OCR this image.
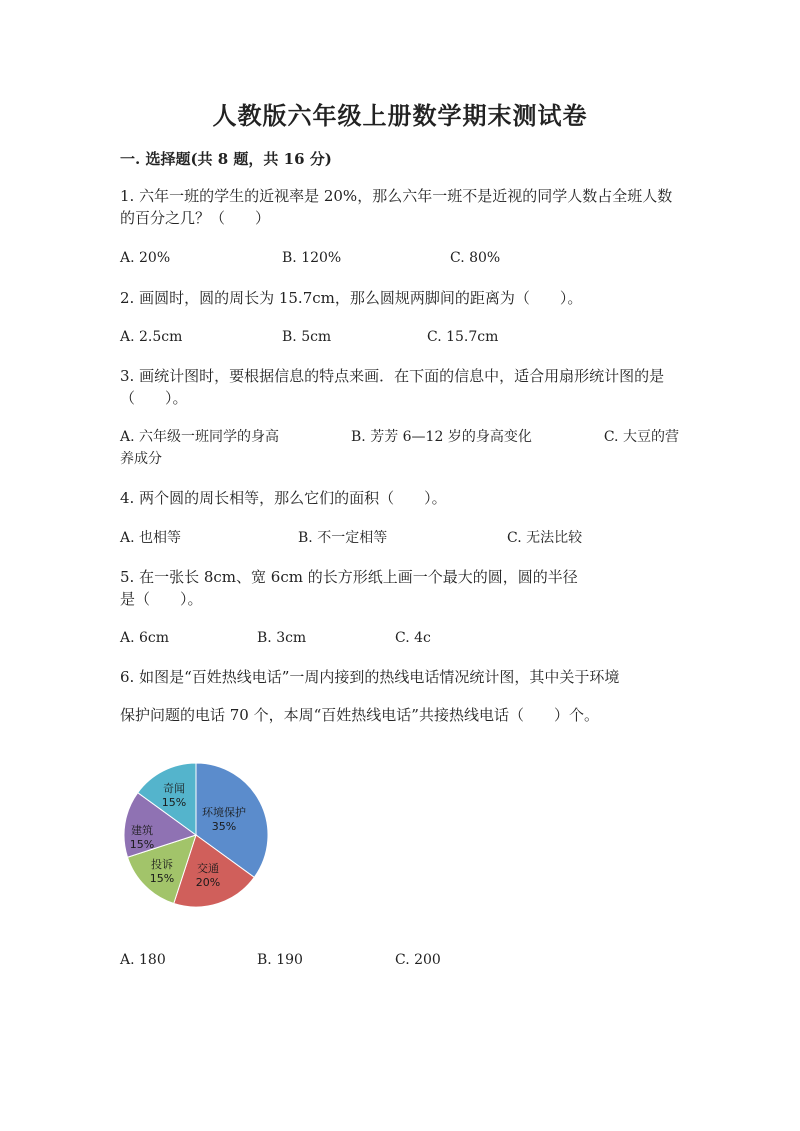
人教版六年级上册数学期末测试卷
一. 选择题(共 8 题，共 16 分)
1. 六年一班的学生的近视率是 20%，那么六年一班不是近视的同学人数占全班人数的百分之几？（　　）
A. 20%	B. 120%	C. 80%
2. 画圆时，圆的周长为 15.7cm，那么圆规两脚间的距离为（　　）。
A. 2.5cm	B. 5cm	C. 15.7cm
3. 画统计图时，要根据信息的特点来画．在下面的信息中，适合用扇形统计图的是（　　）。
A. 六年级一班同学的身高	B. 芳芳 6—12 岁的身高变化	C. 大豆的营养成分
4. 两个圆的周长相等，那么它们的面积（　　）。
A. 也相等	B. 不一定相等	C. 无法比较
5. 在一张长 8cm、宽 6cm 的长方形纸上画一个最大的圆，圆的半径是（　　）。
A. 6cm	B. 3cm	C. 4c
6. 如图是“百姓热线电话”一周内接到的热线电话情况统计图，其中关于环境
保护问题的电话 70 个，本周“百姓热线电话”共接热线电话（　　）个。
环境保护
35%
交通
20%
投诉
15%
建筑
15%
奇闻
15%
A. 180	B. 190	C. 200
